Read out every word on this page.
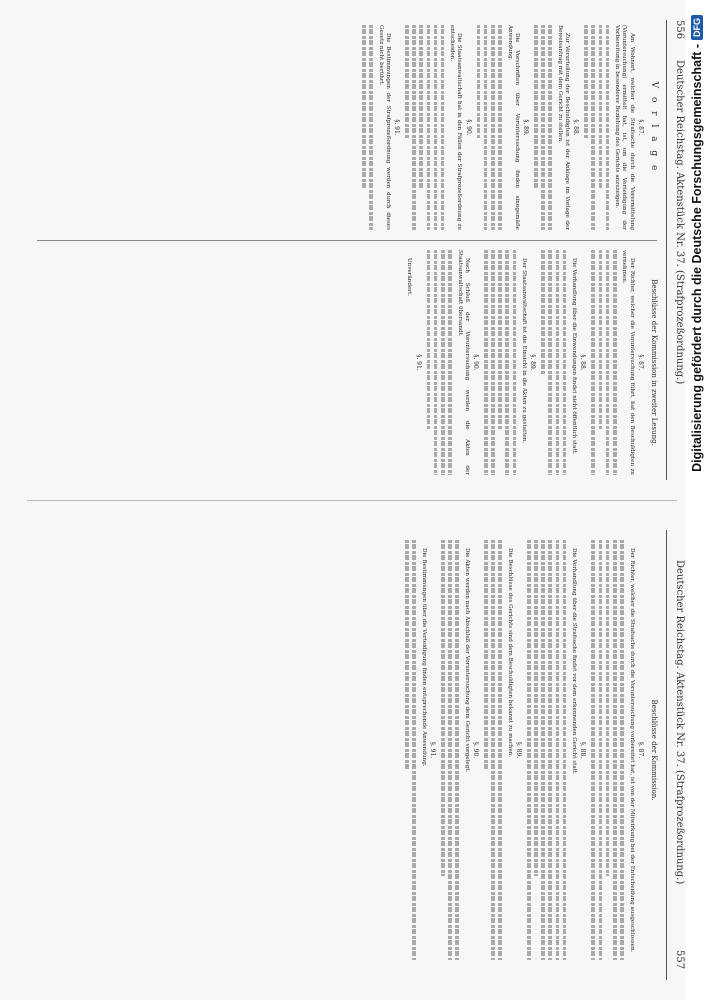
556
Deutscher Reichstag. Aktenstück Nr. 37. (Strafprozeßordnung.)
Deutscher Reichstag. Aktenstück Nr. 37. (Strafprozeßordnung.)
557
V o r l a g e
§. 87.

Am Wohnort, welcher die Strafsache durch die Vorermittelung (Voruntersuchung) ermittelt hat, ist, um die Verteidigung der Vorbereitung in besonderer Beziehung des Gerichts anzuzeigen.

§. 88.

Zur Verurteilung der Beschuldigten ist der Anklage im Vorlage der Beweisantrag mit dem Gericht zu stellen.

§. 89.

Die Vorschriften über Voruntersuchung finden sinngemäße Anwendung.

§. 90.

Die Staatsanwaltschaft hat in den Fällen der Strafprozeßordnung zu entscheiden.

§. 91.

Die Bestimmungen der Strafprozeßordnung werden durch dieses Gesetz nicht berührt.

Beschlüsse der Kommission in zweiter Lesung.
§. 87.

Der Richter, welcher die Voruntersuchung führt, hat den Beschuldigten zu vernehmen.

§. 88.

Die Verhandlung über die Einwendungen findet nicht öffentlich statt.

§. 89.

Der Staatsanwaltschaft ist die Einsicht in die Akten zu gestatten.

§. 90.

Nach Schluß der Voruntersuchung werden die Akten der Staatsanwaltschaft übersandt.

§. 91.

Unverändert.

Beschlüsse der Kommission.
§. 87.

Der Richter, welcher die Strafsache durch die Voruntersuchung vorbereitet hat, ist von der Mitwirkung bei der Entscheidung ausgeschlossen.

§. 88.

Die Verhandlung über die Strafsache findet vor dem erkennenden Gericht statt.

§. 89.

Die Beschlüsse des Gerichts sind dem Beschuldigten bekannt zu machen.

§. 90.

Die Akten werden nach Abschluß der Voruntersuchung dem Gericht vorgelegt.

§. 91.

Die Bestimmungen über die Verteidigung finden entsprechende Anwendung.

Digitalisierung gefördert durch die Deutsche Forschungsgemeinschaft -
DFG
